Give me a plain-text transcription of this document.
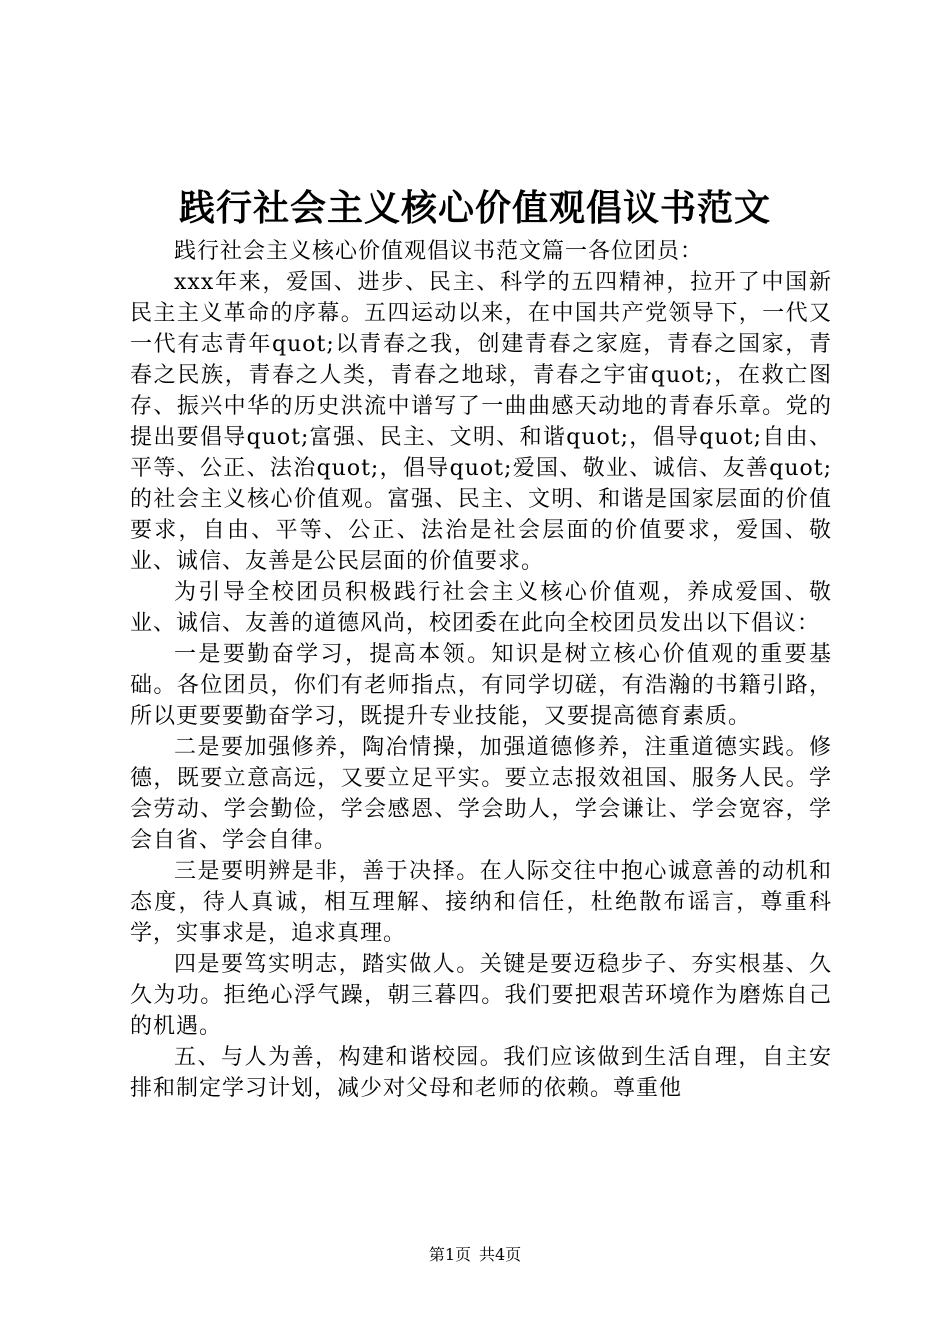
践行社会主义核心价值观倡议书范文

践行社会主义核心价值观倡议书范文篇一各位团员：

xxx年来，爱国、进步、民主、科学的五四精神，拉开了中国新民主主义革命的序幕。五四运动以来，在中国共产党领导下，一代又一代有志青年quot;以青春之我，创建青春之家庭，青春之国家，青春之民族，青春之人类，青春之地球，青春之宇宙quot;，在救亡图存、振兴中华的历史洪流中谱写了一曲曲感天动地的青春乐章。党的提出要倡导quot;富强、民主、文明、和谐quot;，倡导quot;自由、平等、公正、法治quot;，倡导quot;爱国、敬业、诚信、友善quot;的社会主义核心价值观。富强、民主、文明、和谐是国家层面的价值要求，自由、平等、公正、法治是社会层面的价值要求，爱国、敬业、诚信、友善是公民层面的价值要求。

为引导全校团员积极践行社会主义核心价值观，养成爱国、敬业、诚信、友善的道德风尚，校团委在此向全校团员发出以下倡议：

一是要勤奋学习，提高本领。知识是树立核心价值观的重要基础。各位团员，你们有老师指点，有同学切磋，有浩瀚的书籍引路，所以更要要勤奋学习，既提升专业技能，又要提高德育素质。

二是要加强修养，陶冶情操，加强道德修养，注重道德实践。修德，既要立意高远，又要立足平实。要立志报效祖国、服务人民。学会劳动、学会勤俭，学会感恩、学会助人，学会谦让、学会宽容，学会自省、学会自律。

三是要明辨是非，善于决择。在人际交往中抱心诚意善的动机和态度，待人真诚，相互理解、接纳和信任，杜绝散布谣言，尊重科学，实事求是，追求真理。

四是要笃实明志，踏实做人。关键是要迈稳步子、夯实根基、久久为功。拒绝心浮气躁，朝三暮四。我们要把艰苦环境作为磨炼自己的机遇。

五、与人为善，构建和谐校园。我们应该做到生活自理，自主安排和制定学习计划，减少对父母和老师的依赖。尊重他

第1页 共4页
